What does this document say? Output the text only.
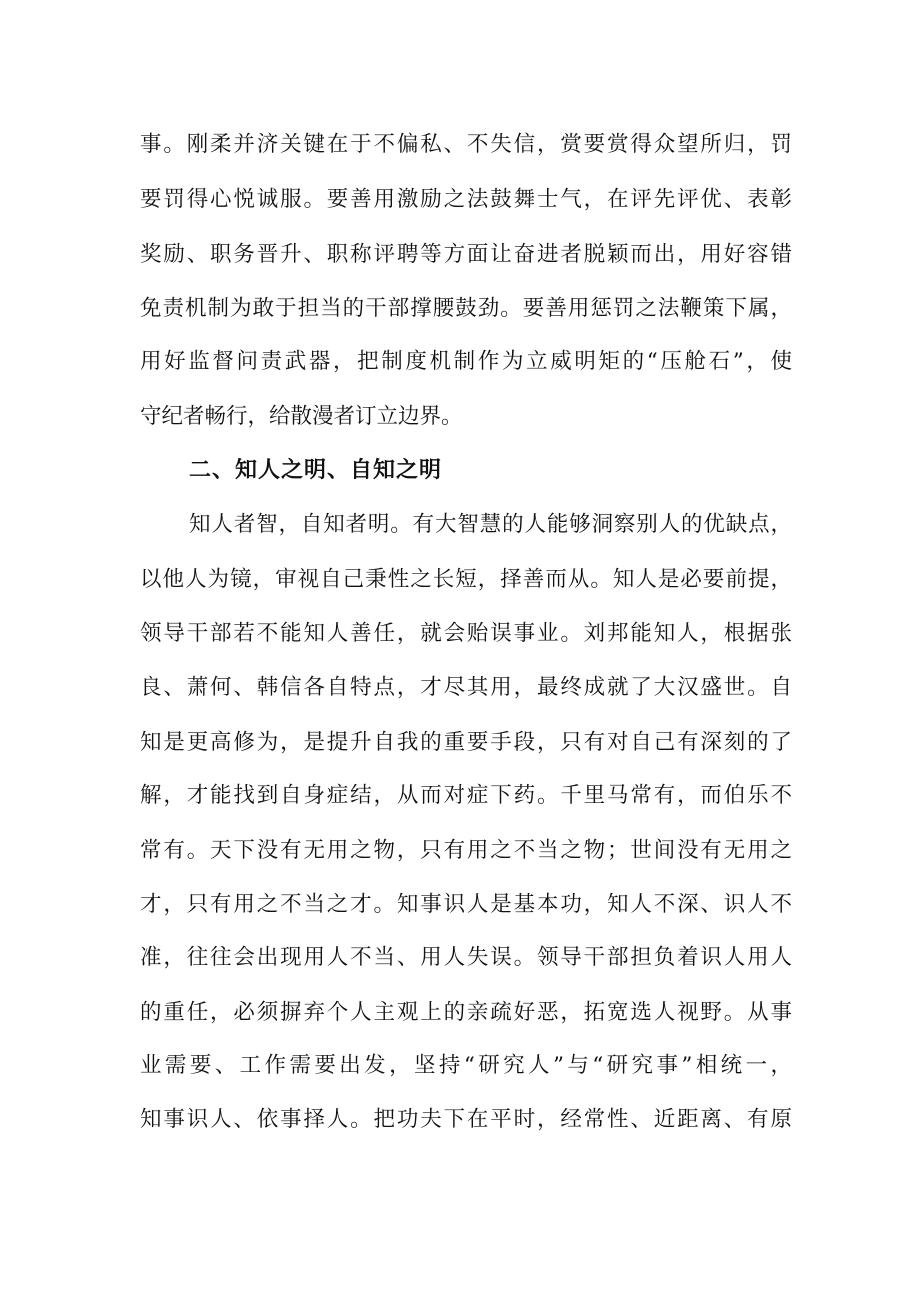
事。刚柔并济关键在于不偏私、不失信，赏要赏得众望所归，罚
要罚得心悦诚服。要善用激励之法鼓舞士气，在评先评优、表彰
奖励、职务晋升、职称评聘等方面让奋进者脱颖而出，用好容错
免责机制为敢于担当的干部撑腰鼓劲。要善用惩罚之法鞭策下属，
用好监督问责武器，把制度机制作为立威明矩的“压舱石”，使
守纪者畅行，给散漫者订立边界。
二、知人之明、自知之明
知人者智，自知者明。有大智慧的人能够洞察别人的优缺点，
以他人为镜，审视自己秉性之长短，择善而从。知人是必要前提，
领导干部若不能知人善任，就会贻误事业。刘邦能知人，根据张
良、萧何、韩信各自特点，才尽其用，最终成就了大汉盛世。自
知是更高修为，是提升自我的重要手段，只有对自己有深刻的了
解，才能找到自身症结，从而对症下药。千里马常有，而伯乐不
常有。天下没有无用之物，只有用之不当之物；世间没有无用之
才，只有用之不当之才。知事识人是基本功，知人不深、识人不
准，往往会出现用人不当、用人失误。领导干部担负着识人用人
的重任，必须摒弃个人主观上的亲疏好恶，拓宽选人视野。从事
业需要、工作需要出发，坚持“研究人”与“研究事”相统一，
知事识人、依事择人。把功夫下在平时，经常性、近距离、有原
